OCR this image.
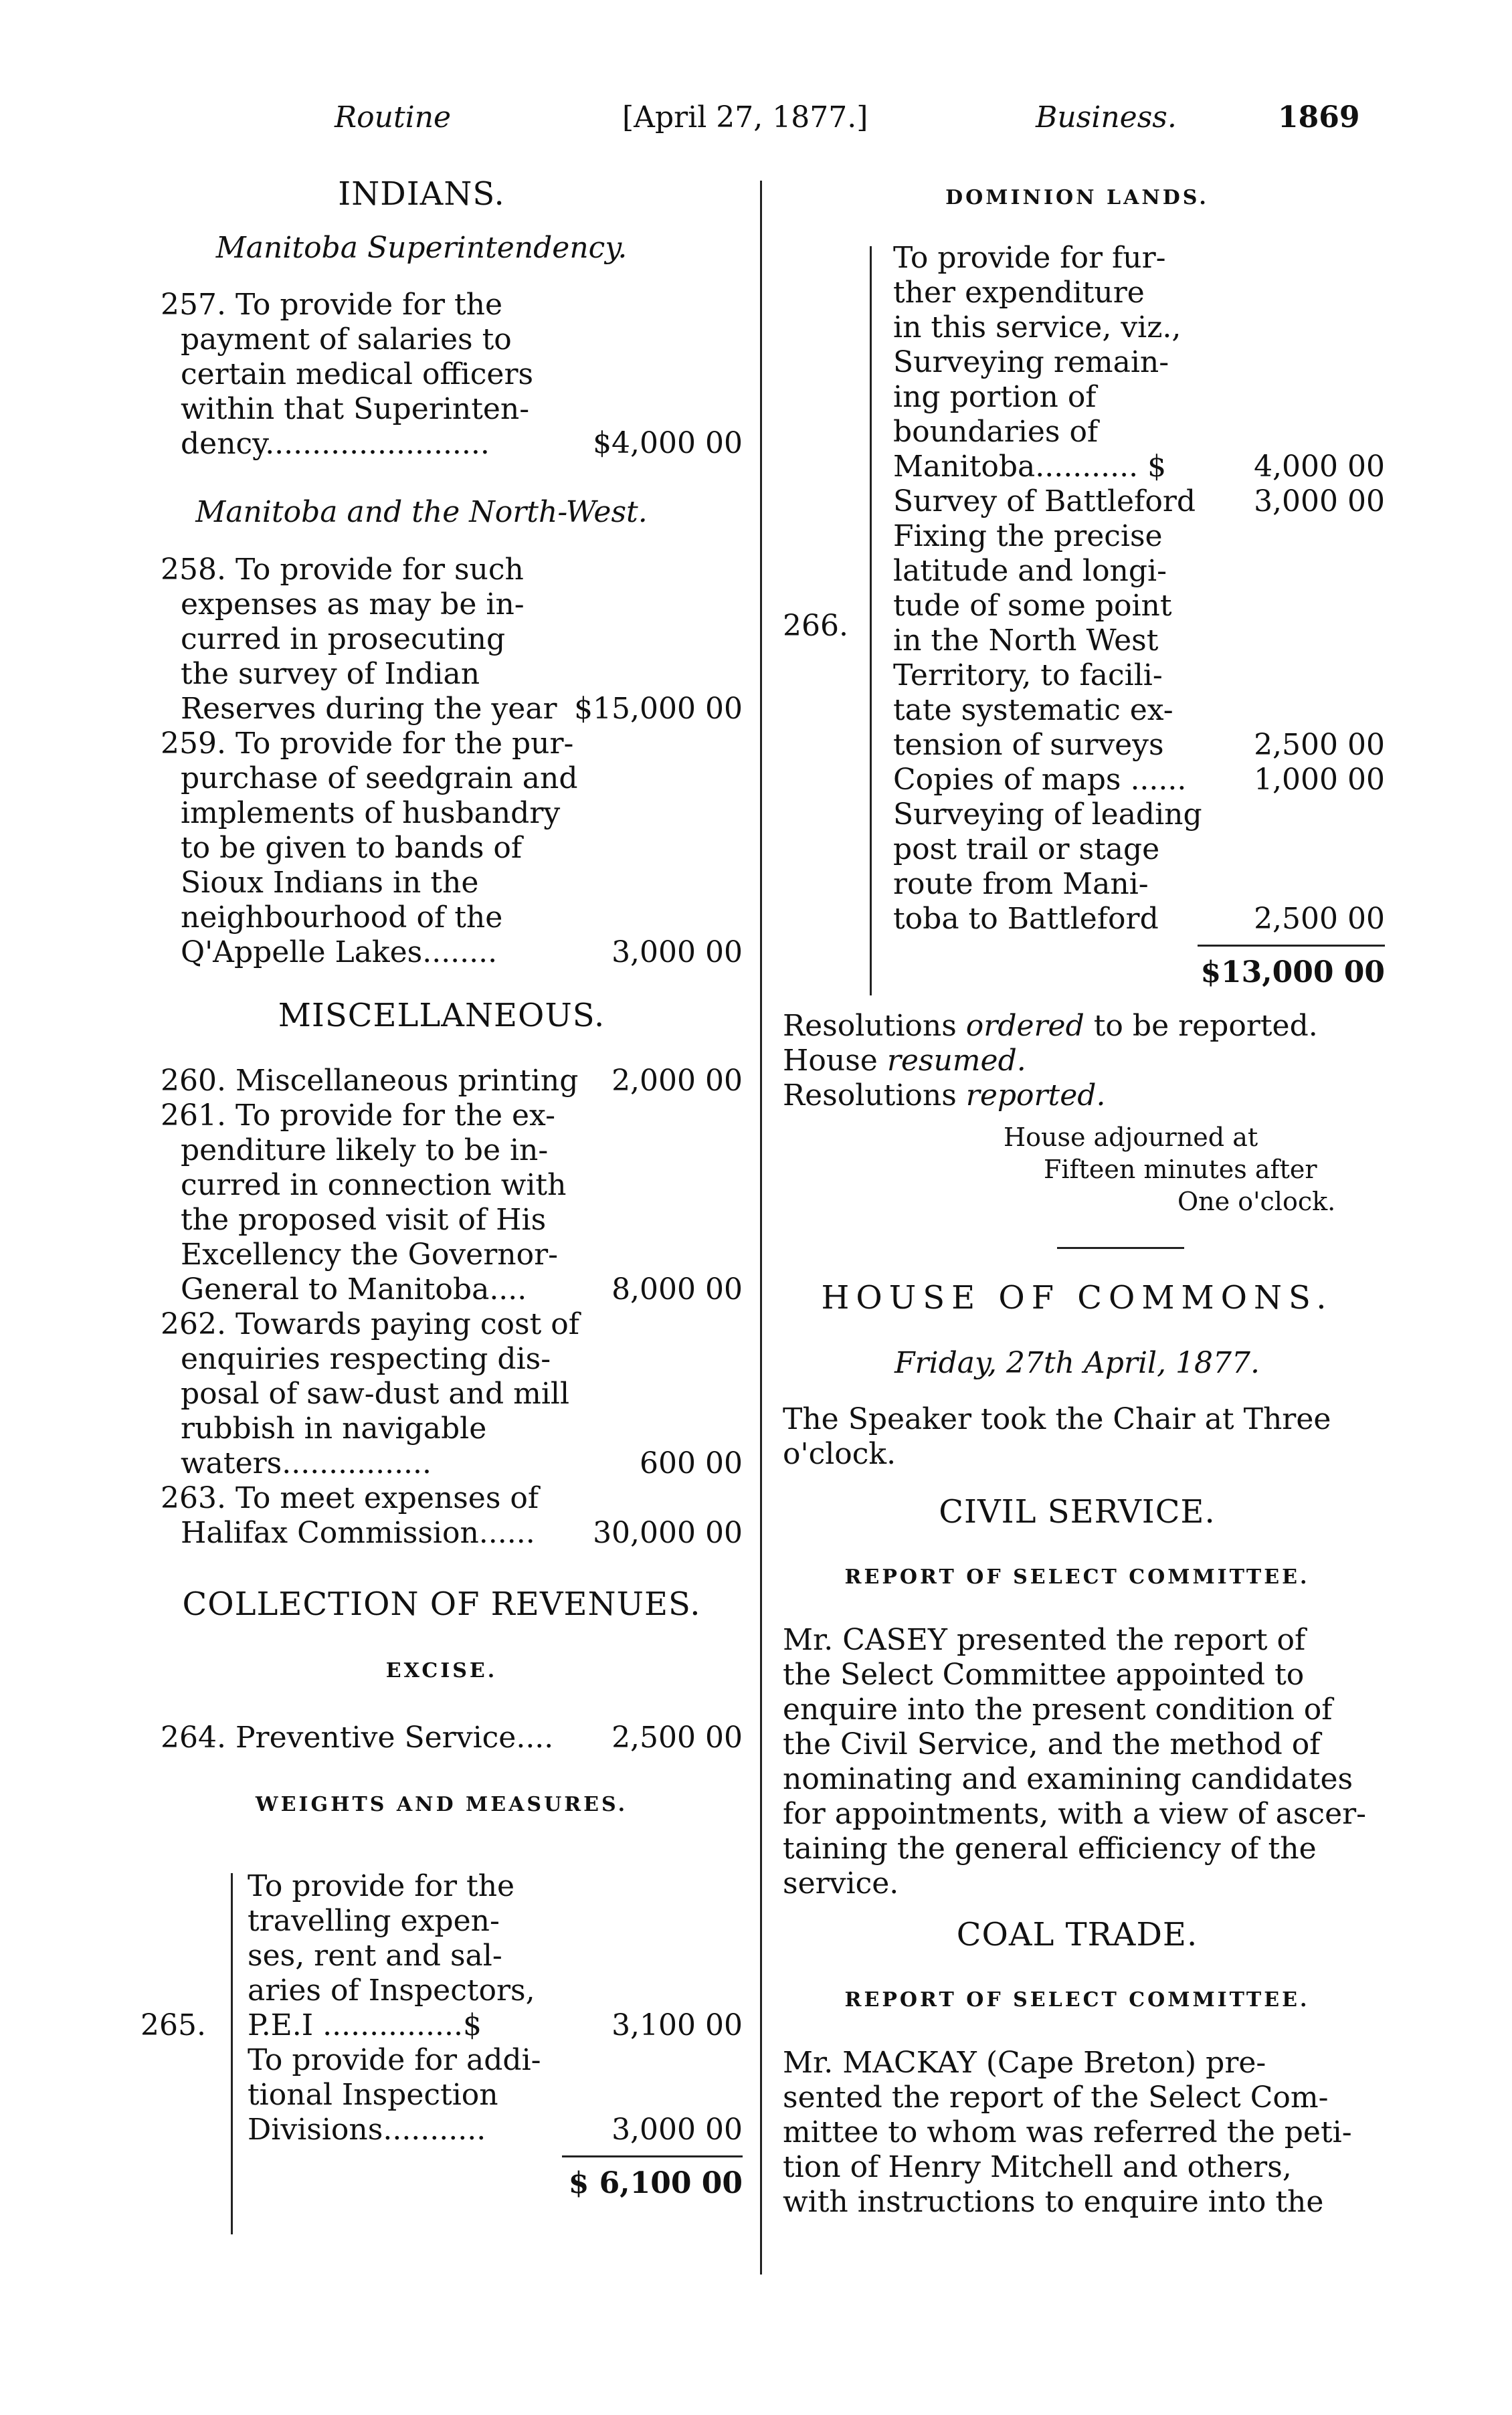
Routine	[April 27, 1877.]	Business.	1869
INDIANS.
Manitoba Superintendency.
257. To provide for the
payment of salaries to
certain medical officers
within that Superinten-
dency........................	$4,000 00
Manitoba and the North-West.
258. To provide for such
expenses as may be in-
curred in prosecuting
the survey of Indian
Reserves during the year $15,000 00
259. To provide for the pur-
purchase of seedgrain and
implements of husbandry
to be given to bands of
Sioux Indians in the
neighbourhood of the
Q'Appelle Lakes........	3,000 00
MISCELLANEOUS.
260. Miscellaneous printing	2,000 00
261. To provide for the ex-
penditure likely to be in-
curred in connection with
the proposed visit of His
Excellency the Governor-
General to Manitoba....	8,000 00
262. Towards paying cost of
enquiries respecting dis-
posal of saw-dust and mill
rubbish in navigable
waters................	600 00
263. To meet expenses of
Halifax Commission......	30,000 00
COLLECTION OF REVENUES.
EXCISE.
264. Preventive Service....	2,500 00
WEIGHTS AND MEASURES.
265.
To provide for the
travelling expen-
ses, rent and sal-
aries of Inspectors,
P.E.I ...............$	3,100 00
To provide for addi-
tional Inspection
Divisions...........	3,000 00
$ 6,100 00
DOMINION LANDS.
266.
To provide for fur-
ther expenditure
in this service, viz.,
Surveying remain-
ing portion of
boundaries of
Manitoba........... $	4,000 00
Survey of Battleford	3,000 00
Fixing the precise
latitude and longi-
tude of some point
in the North West
Territory, to facili-
tate systematic ex-
tension of surveys	2,500 00
Copies of maps ......	1,000 00
Surveying of leading
post trail or stage
route from Mani-
toba to Battleford	2,500 00
$13,000 00
Resolutions ordered to be reported.
House resumed.
Resolutions reported.
House adjourned at
Fifteen minutes after
One o'clock.
HOUSE OF COMMONS.
Friday, 27th April, 1877.
The Speaker took the Chair at Three
o'clock.
CIVIL SERVICE.
REPORT OF SELECT COMMITTEE.
Mr. CASEY presented the report of
the Select Committee appointed to
enquire into the present condition of
the Civil Service, and the method of
nominating and examining candidates
for appointments, with a view of ascer-
taining the general efficiency of the
service.
COAL TRADE.
REPORT OF SELECT COMMITTEE.
Mr. MACKAY (Cape Breton) pre-
sented the report of the Select Com-
mittee to whom was referred the peti-
tion of Henry Mitchell and others,
with instructions to enquire into the
